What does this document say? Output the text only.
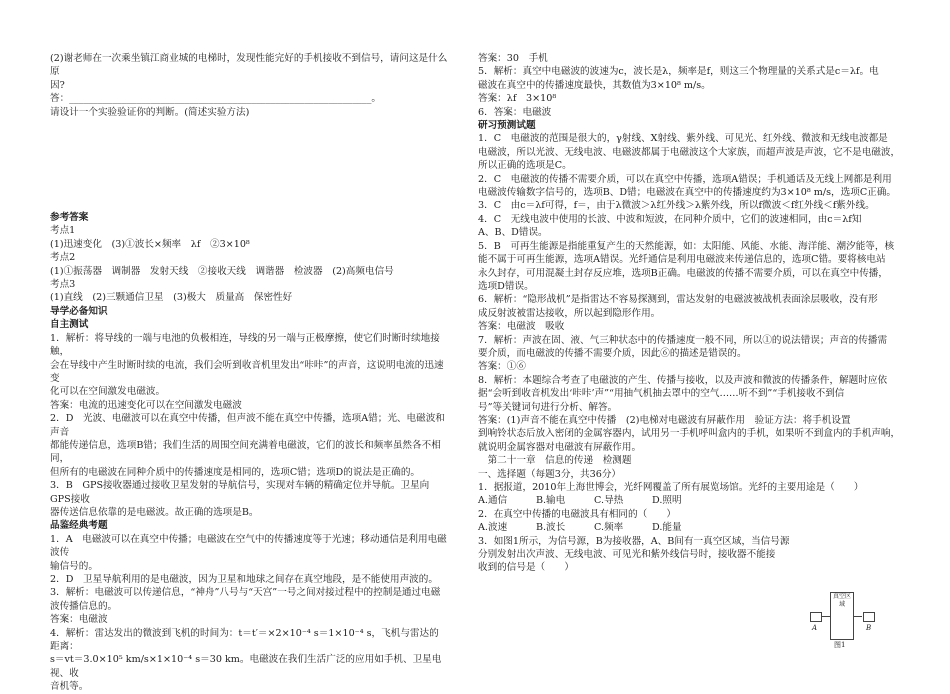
(2)谢老师在一次乘坐镇江商业城的电梯时，发现性能完好的手机接收不到信号，请问这是什么原

因?

答：_______________________________________________________________。

请设计一个实验验证你的判断。(简述实验方法)

参考答案

考点1

(1)迅速变化　(3)①波长×频率　λf　②3×10⁸

考点2

(1)①振荡器　调制器　发射天线　②接收天线　调谐器　检波器　(2)高频电信号

考点3

(1)直线　(2)三颗通信卫星　(3)极大　质量高　保密性好

导学必备知识

自主测试

1．解析：将导线的一端与电池的负极相连，导线的另一端与正极摩擦，使它们时断时续地接触，

会在导线中产生时断时续的电流，我们会听到收音机里发出“咔咔”的声音，这说明电流的迅速变

化可以在空间激发电磁波。

答案：电流的迅速变化可以在空间激发电磁波

2．D　光波、电磁波可以在真空中传播，但声波不能在真空中传播，选项A错；光、电磁波和声音

都能传递信息，选项B错；我们生活的周围空间充满着电磁波，它们的波长和频率虽然各不相同，

但所有的电磁波在同种介质中的传播速度是相同的，选项C错；选项D的说法是正确的。

3．B　GPS接收器通过接收卫星发射的导航信号，实现对车辆的精确定位并导航。卫星向GPS接收

器传送信息依靠的是电磁波。故正确的选项是B。

品鉴经典考题

1．A　电磁波可以在真空中传播；电磁波在空气中的传播速度等于光速；移动通信是利用电磁波传

输信号的。

2．D　卫星导航利用的是电磁波，因为卫星和地球之间存在真空地段，是不能使用声波的。

3．解析：电磁波可以传递信息，“神舟”八号与“天宫”一号之间对接过程中的控制是通过电磁

波传播信息的。

答案：电磁波

4．解析：雷达发出的微波到飞机的时间为：t＝t′＝×2×10⁻⁴ s＝1×10⁻⁴ s，飞机与雷达的距离：

s＝vt＝3.0×10⁵ km/s×1×10⁻⁴ s＝30 km。电磁波在我们生活广泛的应用如手机、卫星电视、收

音机等。

答案：30　手机

5．解析：真空中电磁波的波速为c，波长是λ，频率是f，则这三个物理量的关系式是c＝λf。电

磁波在真空中的传播速度最快，其数值为3×10⁸ m/s。

答案：λf　3×10⁸

6．答案：电磁波

研习预测试题

1．C　电磁波的范围是很大的，γ射线、X射线、紫外线、可见光、红外线、微波和无线电波都是

电磁波，所以光波、无线电波、电磁波都属于电磁波这个大家族，而超声波是声波，它不是电磁波，

所以正确的选项是C。

2．C　电磁波的传播不需要介质，可以在真空中传播，选项A错误；手机通话及无线上网都是利用

电磁波传输数字信号的，选项B、D错；电磁波在真空中的传播速度约为3×10⁸ m/s，选项C正确。

3．C　由c＝λf可得，f＝，由于λ微波＞λ红外线＞λ紫外线，所以f微波＜f红外线＜f紫外线。

4．C　无线电波中使用的长波、中波和短波，在同种介质中，它们的波速相同，由c＝λf知

A、B、D错误。

5．B　可再生能源是指能重复产生的天然能源，如：太阳能、风能、水能、海洋能、潮汐能等，核

能不属于可再生能源，选项A错误。光纤通信是利用电磁波来传递信息的，选项C错。要将核电站

永久封存，可用混凝土封存反应堆，选项B正确。电磁波的传播不需要介质，可以在真空中传播，

选项D错误。

6．解析：“隐形战机”是指雷达不容易探测到，雷达发射的电磁波被战机表面涂层吸收，没有形

成反射波被雷达接收，所以起到隐形作用。

答案：电磁波　吸收

7．解析：声波在固、液、气三种状态中的传播速度一般不同，所以①的说法错误；声音的传播需

要介质，而电磁波的传播不需要介质，因此⑥的描述是错误的。

答案：①⑥

8．解析：本题综合考查了电磁波的产生、传播与接收，以及声波和微波的传播条件，解题时应依

据“会听到收音机发出‘咔咔’声”“用抽气机抽去罩中的空气……听不到”“手机接收不到信

号”等关键词句进行分析、解答。

答案：(1)声音不能在真空中传播　(2)电梯对电磁波有屏蔽作用　验证方法：将手机设置

到响铃状态后放入密闭的金属容器内，试用另一手机呼叫盒内的手机，如果听不到盒内的手机声响，

就说明金属容器对电磁波有屏蔽作用。

　第二十一章　信息的传递　检测题

一、选择题（每题3分，共36分）

1．据报道，2010年上海世博会，光纤网覆盖了所有展览场馆。光纤的主要用途是（　　）

A.通信　　　B.输电　　　C.导热　　　D.照明

2．在真空中传播的电磁波具有相同的（　　）

A.波速　　　B.波长　　　C.频率　　　D.能量

3．如图1所示，为信号源，B为接收器，A、B间有一真空区域，当信号源

分别发射出次声波、无线电波、可见光和紫外线信号时，接收器不能接

收到的信号是（　　）

真空区域
A	B
图1
